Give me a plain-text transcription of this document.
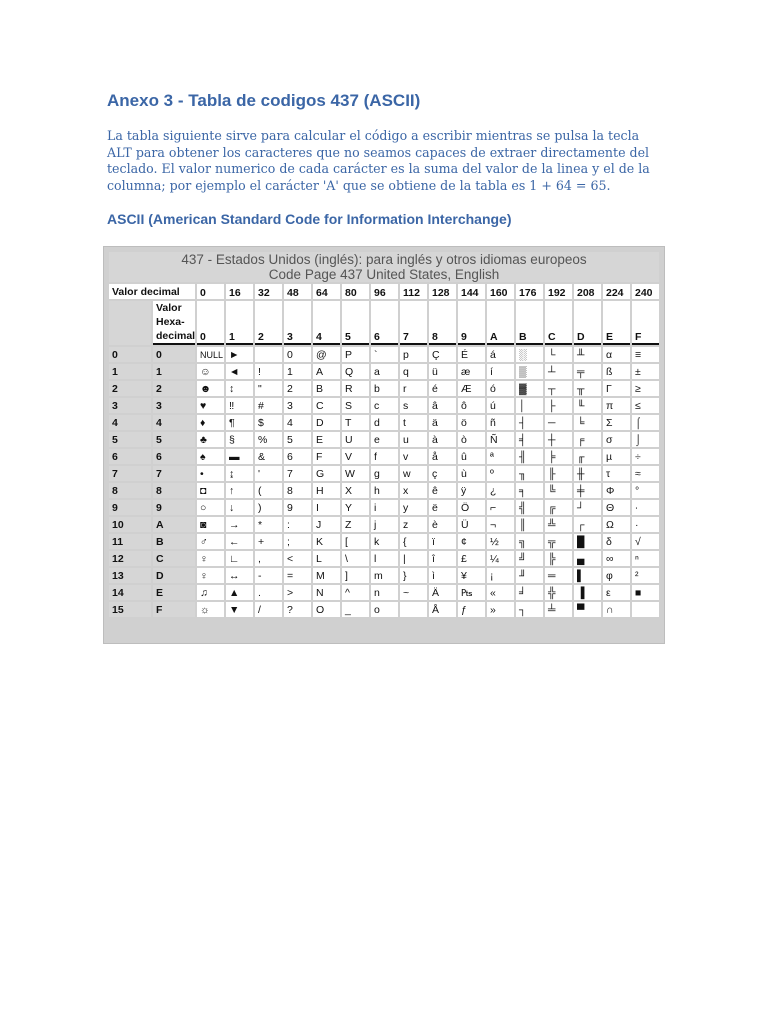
Anexo 3 - Tabla de codigos 437 (ASCII)

La tabla siguiente sirve para calcular el código a escribir mientras se pulsa la tecla ALT para obtener los caracteres que no seamos capaces de extraer directamente del teclado. El valor numerico de cada carácter es la suma del valor de la linea y el de la columna; por ejemplo el carácter 'A' que se obtiene de la tabla es 1 + 64 = 65.

ASCII (American Standard Code for Information Interchange)
437 - Estados Unidos (inglés): para inglés y otros idiomas europeos
Code Page 437 United States, English																	
Valor decimal		0	16	32	48	64	80	96	112	128	144	160	176	192	208	224	240
	Valor
Hexa-
decimal	0	1	2	3	4	5	6	7	8	9	A	B	C	D	E	F
0	0	NULL	►		0	@	P	`	p	Ç	É	á	░	└	╨	α	≡
1	1	☺	◄	!	1	A	Q	a	q	ü	æ	í	▒	┴	╤	ß	±
2	2	☻	↕	"	2	B	R	b	r	é	Æ	ó	▓	┬	╥	Γ	≥
3	3	♥	‼	#	3	C	S	c	s	â	ô	ú	│	├	╙	π	≤
4	4	♦	¶	$	4	D	T	d	t	ä	ö	ñ	┤	─	╘	Σ	⌠
5	5	♣	§	%	5	E	U	e	u	à	ò	Ñ	╡	┼	╒	σ	⌡
6	6	♠	▬	&	6	F	V	f	v	å	û	ª	╢	╞	╓	µ	÷
7	7	•	↨	'	7	G	W	g	w	ç	ù	º	╖	╟	╫	τ	≈
8	8	◘	↑	(	8	H	X	h	x	ê	ÿ	¿	╕	╚	╪	Φ	°
9	9	○	↓	)	9	I	Y	i	y	ë	Ö	⌐	╣	╔	┘	Θ	∙
10	A	◙	→	*	:	J	Z	j	z	è	Ü	¬	║	╩	┌	Ω	·
11	B	♂	←	+	;	K	[	k	{	ï	¢	½	╗	╦	█	δ	√
12	C	♀	∟	,	<	L	\	l	|	î	£	¼	╝	╠	▄	∞	ⁿ
13	D	♀	↔	-	=	M	]	m	}	ì	¥	¡	╜	═	▌	φ	²
14	E	♫	▲	.	>	N	^	n	~	Ä	₧	«	╛	╬	▐	ε	■
15	F	☼	▼	/	?	O	_	o		Å	ƒ	»	┐	╧	▀	∩	
